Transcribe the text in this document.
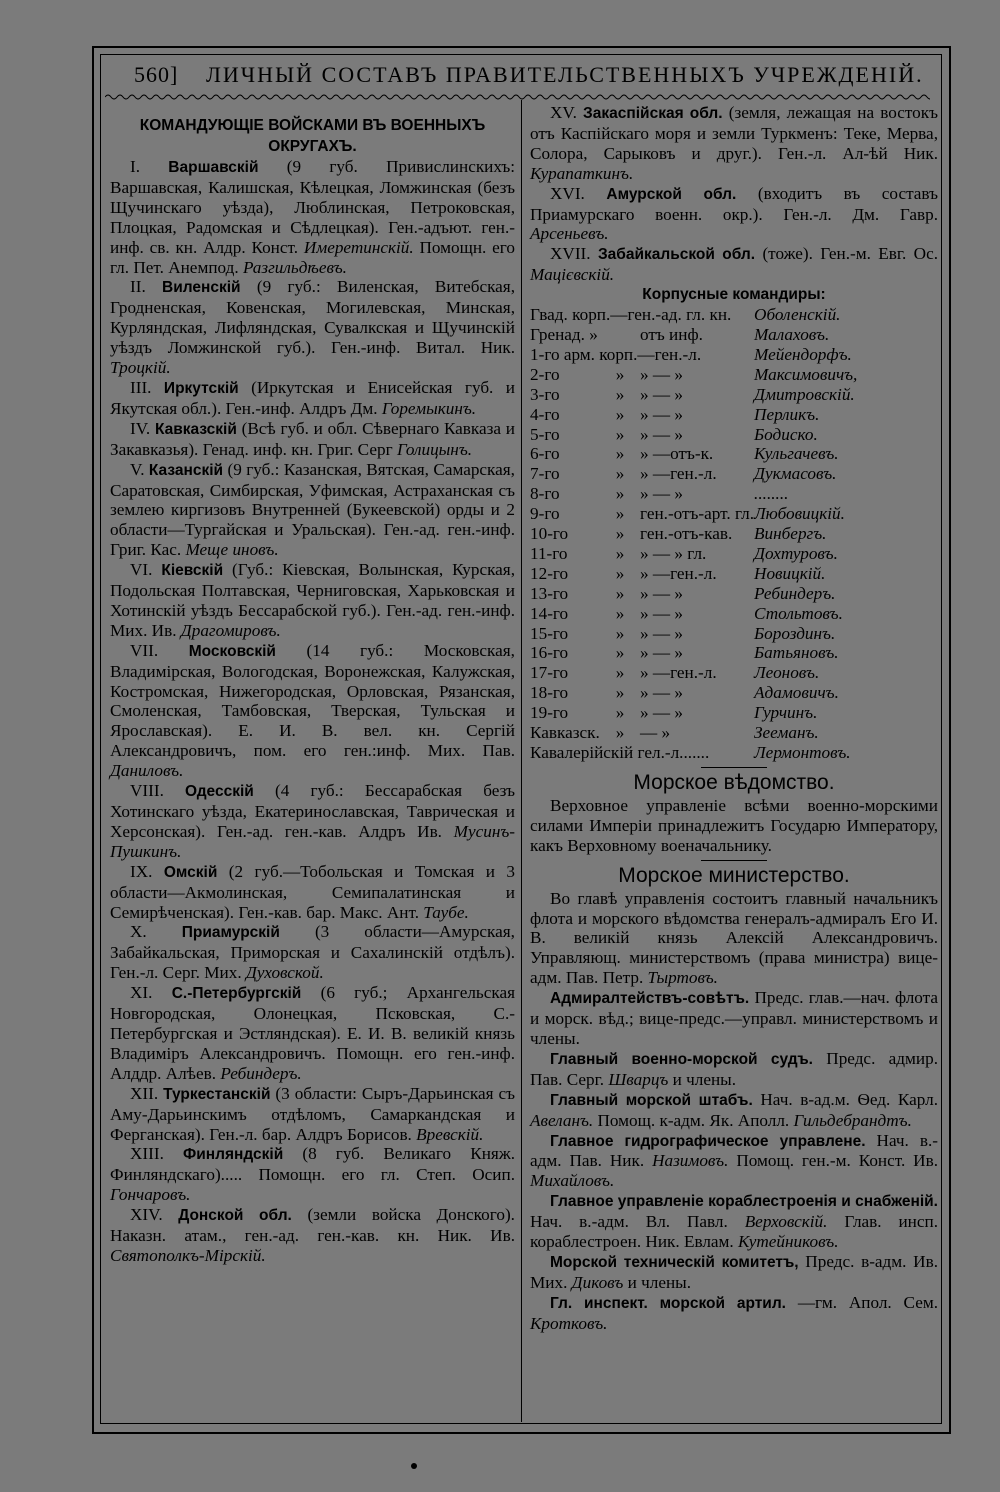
560] ЛИЧНЫЙ СОСТАВЪ ПРАВИТЕЛЬСТВЕННЫХЪ УЧРЕЖДЕНІЙ.

КОМАНДУЮЩІЕ ВОЙСКАМИ ВЪ ВОЕННЫХЪ ОКРУГАХЪ.

I. Варшавскій (9 губ. Привислинскихъ: Варшавская, Калишская, Кѣлецкая, Ломжинская (безъ Щучинскаго уѣзда), Люблинская, Петроковская, Плоцкая, Радомская и Сѣдлецкая). Ген.-адъют. ген.-инф. св. кн. Алдр. Конст. Имеретинскій. Помощн. его гл. Пет. Анемпод. Разгильдѣевъ.

II. Виленскій (9 губ.: Виленская, Витебская, Гродненская, Ковенская, Могилевская, Минская, Курляндская, Лифляндская, Сувалкская и Щучинскій уѣздъ Ломжинской губ.). Ген.-инф. Витал. Ник. Троцкій.

III. Иркутскій (Иркутская и Енисейская губ. и Якутская обл.). Ген.-инф. Алдръ Дм. Горемыкинъ.

IV. Кавказскій (Всѣ губ. и обл. Сѣвернаго Кавказа и Закавказья). Генад. инф. кн. Григ. Серг Голицынъ.

V. Казанскій (9 губ.: Казанская, Вятская, Самарская, Саратовская, Симбирская, Уфимская, Астраханская съ землею киргизовъ Внутренней (Букеевской) орды и 2 области—Тургайская и Уральская). Ген.-ад. ген.-инф. Григ. Кас. Меще иновъ.

VI. Кіевскій (Губ.: Кіевская, Волынская, Курская, Подольская Полтавская, Черниговская, Харьковская и Хотинскій уѣздъ Бессарабской губ.). Ген.-ад. ген.-инф. Мих. Ив. Драгомировъ.

VII. Московскій (14 губ.: Московская, Владимірская, Вологодская, Воронежская, Калужская, Костромская, Нижегородская, Орловская, Рязанская, Смоленская, Тамбовская, Тверская, Тульская и Ярославская). Е. И. В. вел. кн. Сергій Александровичъ, пом. его ген.:инф. Мих. Пав. Даниловъ.

VIII. Одесскій (4 губ.: Бессарабская безъ Хотинскаго уѣзда, Екатеринославская, Таврическая и Херсонская). Ген.-ад. ген.-кав. Алдръ Ив. Мусинъ-Пушкинъ.

IX. Омскій (2 губ.—Тобольская и Томская и 3 области—Акмолинская, Семипалатинская и Семирѣченская). Ген.-кав. бар. Макс. Ант. Таубе.

X. Приамурскій (3 области—Амурская, Забайкальская, Приморская и Сахалинскій отдѣлъ). Ген.-л. Серг. Мих. Духовской.

XI. С.-Петербургскій (6 губ.; Архангельская Новгородская, Олонецкая, Псковская, С.-Петербургская и Эстляндская). Е. И. В. великій князь Владиміръ Александровичъ. Помощн. его ген.-инф. Алддр. Алѣев. Ребиндеръ.

XII. Туркестанскій (3 области: Сыръ-Дарьинская съ Аму-Дарьинскимъ отдѣломъ, Самаркандская и Ферганская). Ген.-л. бар. Алдръ Борисов. Вревскій.

XIII. Финляндскій (8 губ. Великаго Княж. Финляндскаго)..... Помощн. его гл. Степ. Осип. Гончаровъ.

XIV. Донской обл. (земли войска Донского). Наказн. атам., ген.-ад. ген.-кав. кн. Ник. Ив. Святополкъ-Мірскій.

XV. Закаспійская обл. (земля, лежащая на востокъ отъ Каспійскаго моря и земли Туркменъ: Теке, Мерва, Солора, Сарыковъ и друг.). Ген.-л. Ал-ѣй Ник. Курапаткинъ.

XVI. Амурской обл. (входитъ въ составъ Приамурскаго военн. окр.). Ген.-л. Дм. Гавр. Арсеньевъ.

XVII. Забайкальской обл. (тоже). Ген.-м. Евг. Ос. Мацієвскій.

Корпусные командиры:

Гвад. корп.—ген.-ад. гл. кн.			Оболенскій.
Гренад. »		отъ инф.	Малаховъ.
1-го арм. корп.—ген.-л.			Мейендорфъ.
2-го	»	» — »	Максимовичъ,
3-го	»	» — »	Дмитровскій.
4-го	»	» — »	Перликъ.
5-го	»	» — »	Бодиско.
6-го	»	» —отъ-к.	Кульгачевъ.
7-го	»	» —ген.-л.	Дукмасовъ.
8-го	»	» — »	........
9-го	»	ген.-отъ-арт. гл.	Любовицкій.
10-го	»	ген.-отъ-кав.	Винбергъ.
11-го	»	» — » гл.	Дохтуровъ.
12-го	»	» —ген.-л.	Новицкій.
13-го	»	» — »	Ребиндеръ.
14-го	»	» — »	Стольтовъ.
15-го	»	» — »	Бороздинъ.
16-го	»	» — »	Батьяновъ.
17-го	»	» —ген.-л.	Леоновъ.
18-го	»	» — »	Адамовичъ.
19-го	»	» — »	Гурчинъ.
Кавказск.	»	— »	Зееманъ.
Кавалерійскій гел.-л.......			Лермонтовъ.

Морское вѣдомство.

Верховное управленіе всѣми военно-морскими силами Имперіи принадлежитъ Государю Императору, какъ Верховному военачальнику.

Морское министерство.

Во главѣ управленія состоитъ главный начальникъ флота и морского вѣдомства генералъ-адмиралъ Его И. В. великій князь Алексій Александровичъ. Управляющ. министерствомъ (права министра) вице-адм. Пав. Петр. Тыртовъ.

Адмиралтействъ-совѣтъ. Предс. глав.—нач. флота и морск. вѣд.; вице-предс.—управл. министерствомъ и члены.

Главный военно-морской судъ. Предс. адмир. Пав. Серг. Шварцъ и члены.

Главный морской штабъ. Нач. в-ад.м. Ѳед. Карл. Авеланъ. Помощ. к-адм. Як. Аполл. Гильдебрандтъ.

Главное гидрографическое управлене. Нач. в.-адм. Пав. Ник. Назимовъ. Помощ. ген.-м. Конст. Ив. Михайловъ.

Главное управленіе кораблестроенія и снабженій. Нач. в.-адм. Вл. Павл. Верховскій. Глав. инсп. кораблестроен. Ник. Евлам. Кутейниковъ.

Морской техническій комитетъ, Предс. в-адм. Ив. Мих. Диковъ и члены.

Гл. инспект. морской артил. —гм. Апол. Сем. Кротковъ.
